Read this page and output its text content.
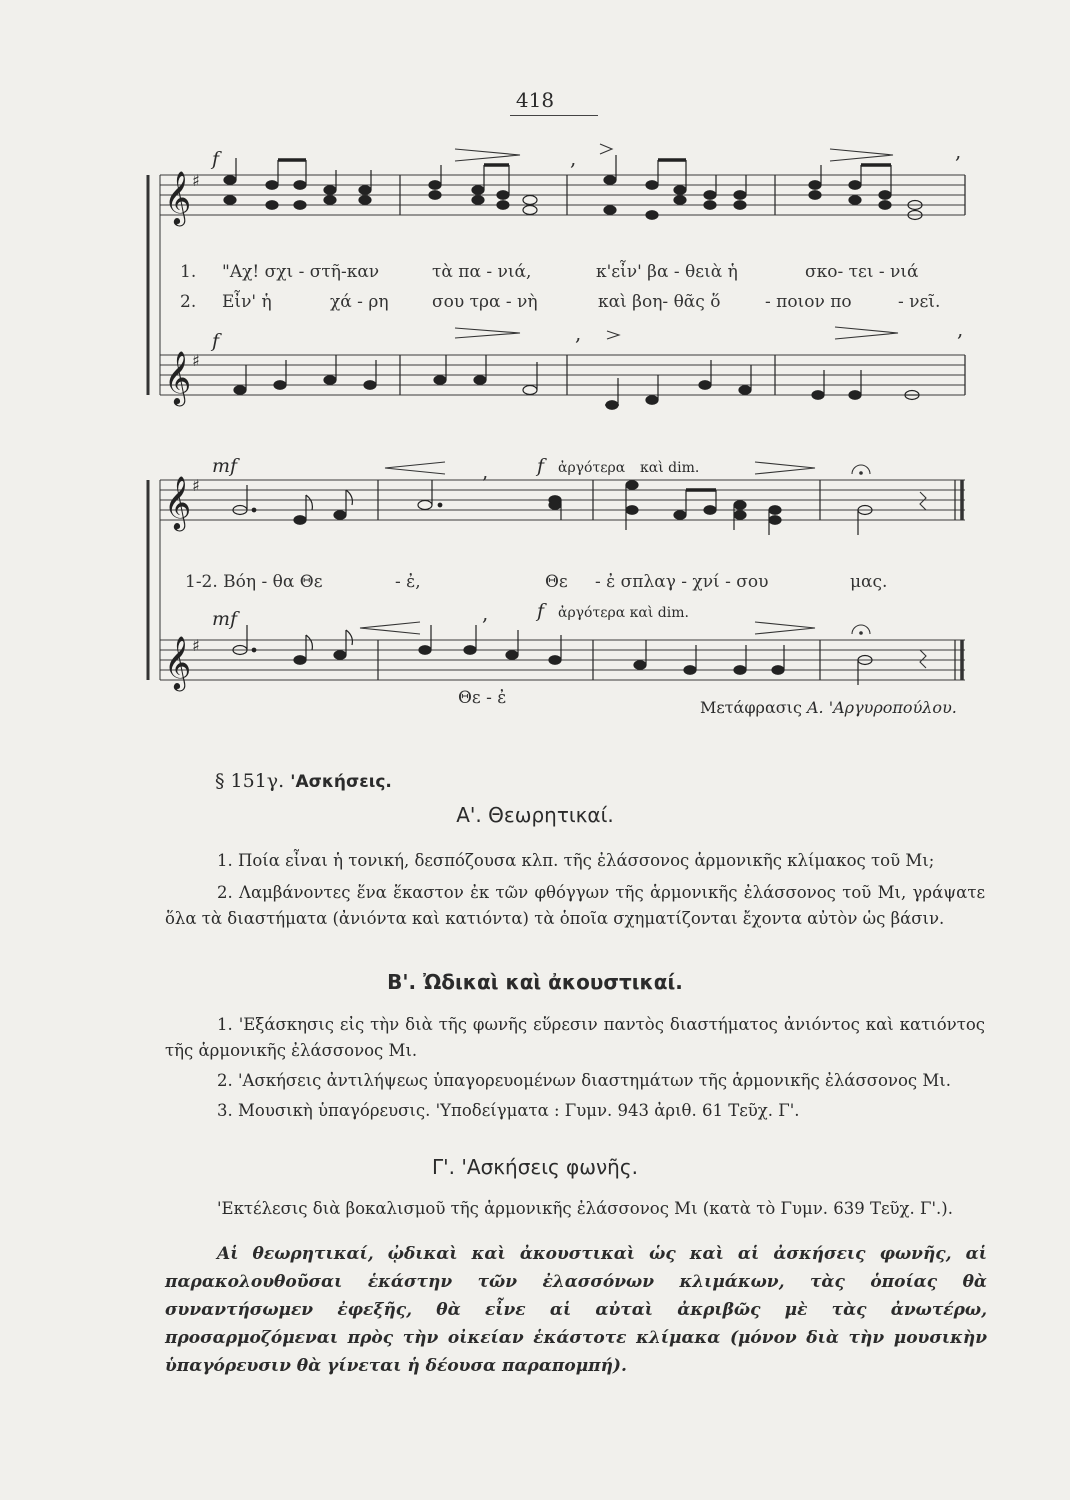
418
𝄞
𝄞
𝄞
𝄞
♯
♯
♯
♯
,	,
,	,
,
,
f
f
mf
mf
f ἀργότερα καὶ dim.
f ἀργότερα καὶ dim.
1. "Αχ! σχι - στῆ-καν	τὰ πα - νιά,	κ'εἶν' βα - θειὰ ἡ	σκο- τει - νιά
2. Εἶν' ἡ	χά - ρη	σου τρα - νὴ	καὶ βοη- θᾶς ὅ	- ποιον πο	- νεῖ.
1-2. Βόη - θα Θε	- ἐ,	Θε - ἐ σπλαγ - χνί - σου	μας.
Θε - ἐ	Μετάφρασις Α. 'Αργυροπούλου.
§ 151γ. 'Ασκήσεις.
Α'. Θεωρητικαί.
1. Ποία εἶναι ἡ τονική, δεσπόζουσα κλπ. τῆς ἐλάσσονος ἁρμονικῆς κλίμακος τοῦ Μι;
2. Λαμβάνοντες ἕνα ἕκαστον ἐκ τῶν φθόγγων τῆς ἁρμονικῆς ἐλάσσονος τοῦ Μι, γράψατε ὅλα τὰ διαστήματα (ἀνιόντα καὶ κατιόντα) τὰ ὁποῖα σχηματίζονται ἔχοντα αὐτὸν ὡς βάσιν.
Β'. Ὠδικαὶ καὶ ἀκουστικαί.
1. 'Εξάσκησις εἰς τὴν διὰ τῆς φωνῆς εὕρεσιν παντὸς διαστήματος ἀνιόντος καὶ κατιόντος τῆς ἁρμονικῆς ἐλάσσονος Μι.
2. 'Ασκήσεις ἀντιλήψεως ὑπαγορευομένων διαστημάτων τῆς ἁρμονικῆς ἐλάσσονος Μι.
3. Μουσικὴ ὑπαγόρευσις. 'Υποδείγματα : Γυμν. 943 ἀριθ. 61 Τεῦχ. Γ'.
Γ'. 'Ασκήσεις φωνῆς.
'Εκτέλεσις διὰ βοκαλισμοῦ τῆς ἁρμονικῆς ἐλάσσονος Μι (κατὰ τὸ Γυμν. 639 Τεῦχ. Γ'.).
Αἱ θεωρητικαί, ᾠδικαὶ καὶ ἀκουστικαὶ ὡς καὶ αἱ ἀσκήσεις φωνῆς, αἱ παρακολουθοῦσαι ἑκάστην τῶν ἐλασσόνων κλιμάκων, τὰς ὁποίας θὰ συναντήσωμεν ἐφεξῆς, θὰ εἶνε αἱ αὐταὶ ἀκριβῶς μὲ τὰς ἀνωτέρω, προσαρμοζόμεναι πρὸς τὴν οἰκείαν ἑκάστοτε κλίμακα (μόνον διὰ τὴν μουσικὴν ὑπαγόρευσιν θὰ γίνεται ἡ δέουσα παραπομπή).
